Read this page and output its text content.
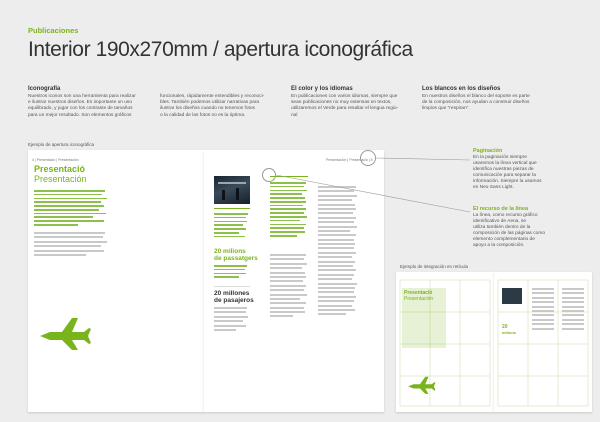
Publicaciones
Interior 190x270mm / apertura iconográfica
Iconografía
Nuestros iconos son una herramienta para realizar
e ilustrar nuestros diseños. Es importante un uso
equilibrado, y jugar con los contraste de tamaños
para un mejor resultado. Son elementos gráficos
funcionales, rápidamente entendibles y reconoci-
bles. También podemos utilizar narrativas para
ilustrar los diseños cuando no tenemos fotos
o la calidad de las fotos no es la óptima.
El color y los idiomas
En publicaciones con varios idiomas, siempre que
sean publicaciones no muy extensas en textos,
utilizaremos el Verde para resaltar el lengua regio-
nal
Los blancos en los diseños
En nuestros diseños el blanco del soporte es parte
de la composición, nos ayudan a construir diseños
limpios que "respiran".
Ejemplo de apertura iconográfica
4 | Presentació | Presentación
Presentació
Presentación
20 milions
de passatgers
20 millones
de pasajeros
Presentación | Presentació | 5
Paginación
En la paginación siempre
usaremos la línea vertical que
identifica nuestras piezas de
comunicación para separar la
información. Siempre la usamos
en Neo Sans Light.
El recurso de la línea
La línea, como recurso gráfico
identificativo de Aena, se
utiliza también dentro de la
composición de las páginas como
elemento complementario de
apoyo a la composición.
Ejemplo de integración en retícula
Presentació
Presentación
20
milions
